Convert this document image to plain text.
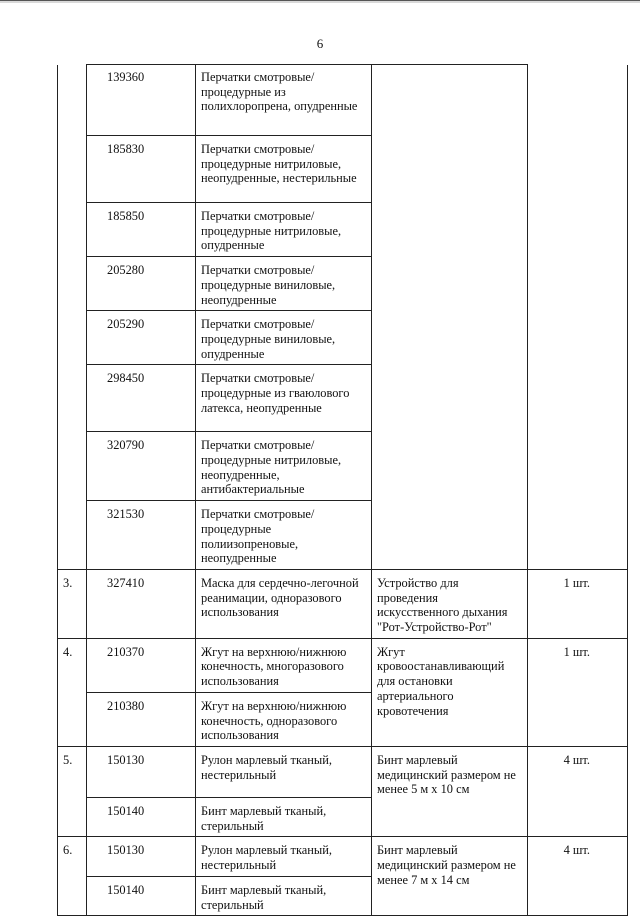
6
	139360	Перчатки смотровые/процедурные из полихлоропрена, опудренные		
	185830	Перчатки смотровые/процедурные нитриловые, неопудренные, нестерильные		
	185850	Перчатки смотровые/процедурные нитриловые, опудренные		
	205280	Перчатки смотровые/процедурные виниловые, неопудренные		
	205290	Перчатки смотровые/процедурные виниловые, опудренные		
	298450	Перчатки смотровые/процедурные из гваюлового латекса, неопудренные		
	320790	Перчатки смотровые/процедурные нитриловые, неопудренные, антибактериальные		
	321530	Перчатки смотровые/процедурные полиизопреновые, неопудренные		
3.	327410	Маска для сердечно-легочной реанимации, одноразового использования	Устройство для проведения искусственного дыхания "Рот-Устройство-Рот"	1 шт.
4.	210370	Жгут на верхнюю/нижнюю конечность, многоразового использования	Жгут кровоостанавливающий для остановки артериального кровотечения	1 шт.
	210380	Жгут на верхнюю/нижнюю конечность, одноразового использования		
5.	150130	Рулон марлевый тканый, нестерильный	Бинт марлевый медицинский размером не менее 5 м х 10 см	4 шт.
	150140	Бинт марлевый тканый, стерильный		
6.	150130	Рулон марлевый тканый, нестерильный	Бинт марлевый медицинский размером не менее 7 м х 14 см	4 шт.
	150140	Бинт марлевый тканый, стерильный		
